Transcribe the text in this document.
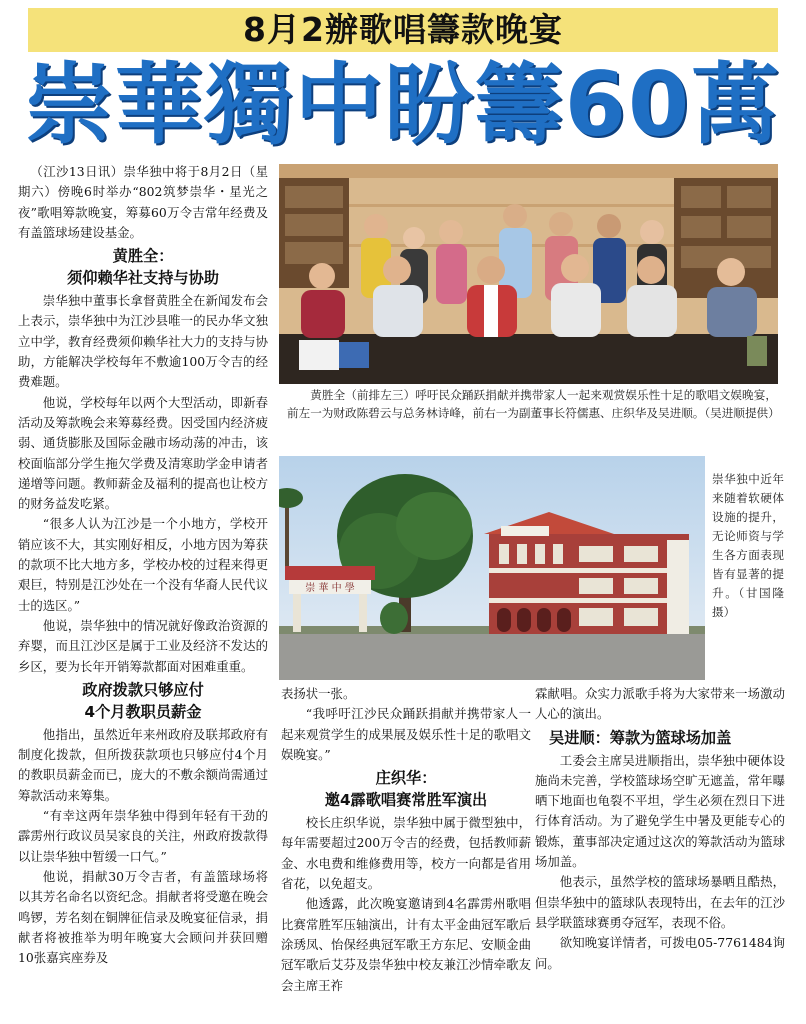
8月2辦歌唱籌款晚宴
崇華獨中盼籌60萬

（江沙13日讯）崇华独中将于8月2日（星期六）傍晚6时举办“802筑梦崇华・星光之夜”歌唱筹款晚宴，筹募60万令吉常年经费及有盖篮球场建设基金。

黄胜全：
须仰赖华社支持与协助

崇华独中董事长拿督黄胜全在新闻发布会上表示，崇华独中为江沙县唯一的民办华文独立中学，教育经费须仰赖华社大力的支持与协助，方能解决学校每年不敷逾100万令吉的经费难题。

他说，学校每年以两个大型活动，即新春活动及筹款晚会来筹募经费。因受国内经济疲弱、通货膨胀及国际金融市场动荡的冲击，该校面临部分学生拖欠学费及清寒助学金申请者递增等问题。教师薪金及福利的提高也让校方的财务益发吃紧。

“很多人认为江沙是一个小地方，学校开销应该不大，其实刚好相反，小地方因为筹获的款项不比大地方多，学校办校的过程来得更艰巨，特别是江沙处在一个没有华裔人民代议士的选区。”

他说，崇华独中的情况就好像政治资源的弃婴，而且江沙区是属于工业及经济不发达的乡区，要为长年开销筹款都面对困难重重。

政府拨款只够应付
4个月教职员薪金

他指出，虽然近年来州政府及联邦政府有制度化拨款，但所拨获款项也只够应付4个月的教职员薪金而已，庞大的不敷余额尚需通过筹款活动来筹集。

“有幸这两年崇华独中得到年轻有干劲的霹雳州行政议员吴家良的关注，州政府拨款得以让崇华独中暂缓一口气。”

他说，捐献30万令吉者，有盖篮球场将以其芳名命名以资纪念。捐献者将受邀在晚会鸣锣，芳名刻在铜牌征信录及晚宴征信录，捐献者将被推举为明年晚宴大会顾问并获回赠10张嘉宾座券及

黄胜全（前排左三）呼吁民众踊跃捐献并携带家人一起来观赏娱乐性十足的歌唱文娱晚宴，前左一为财政陈碧云与总务林诗峰，前右一为副董事长符儒惠、庄织华及吴进顺。（吴进顺提供）
崇 華 中 學
崇华独中近年来随着软硬体设施的提升，无论师资与学生各方面表现皆有显著的提升。（甘国隆摄）

表扬状一张。

“我呼吁江沙民众踊跃捐献并携带家人一起来观赏学生的成果展及娱乐性十足的歌唱文娱晚宴。”

庄织华：
邀4霹歌唱赛常胜军演出

校长庄织华说，崇华独中属于微型独中，每年需要超过200万令吉的经费，包括教师薪金、水电费和维修费用等，校方一向都是省用省花，以免超支。

他透露，此次晚宴邀请到4名霹雳州歌唱比赛常胜军压轴演出，计有太平金曲冠军歌后涂琇凤、怡保经典冠军歌王方东尼、安顺金曲冠军歌后艾芬及崇华独中校友兼江沙情牵歌友会主席王祚

霖献唱。众实力派歌手将为大家带来一场激动人心的演出。

吴进顺：筹款为篮球场加盖

工委会主席吴进顺指出，崇华独中硬体设施尚未完善，学校篮球场空旷无遮盖，常年曝晒下地面也龟裂不平坦，学生必须在烈日下进行体育活动。为了避免学生中暑及更能专心的锻炼，董事部决定通过这次的筹款活动为篮球场加盖。

他表示，虽然学校的篮球场暴晒且酷热，但崇华独中的篮球队表现特出，在去年的江沙县学联篮球赛勇夺冠军，表现不俗。

欲知晚宴详情者，可拨电05-7761484询问。
